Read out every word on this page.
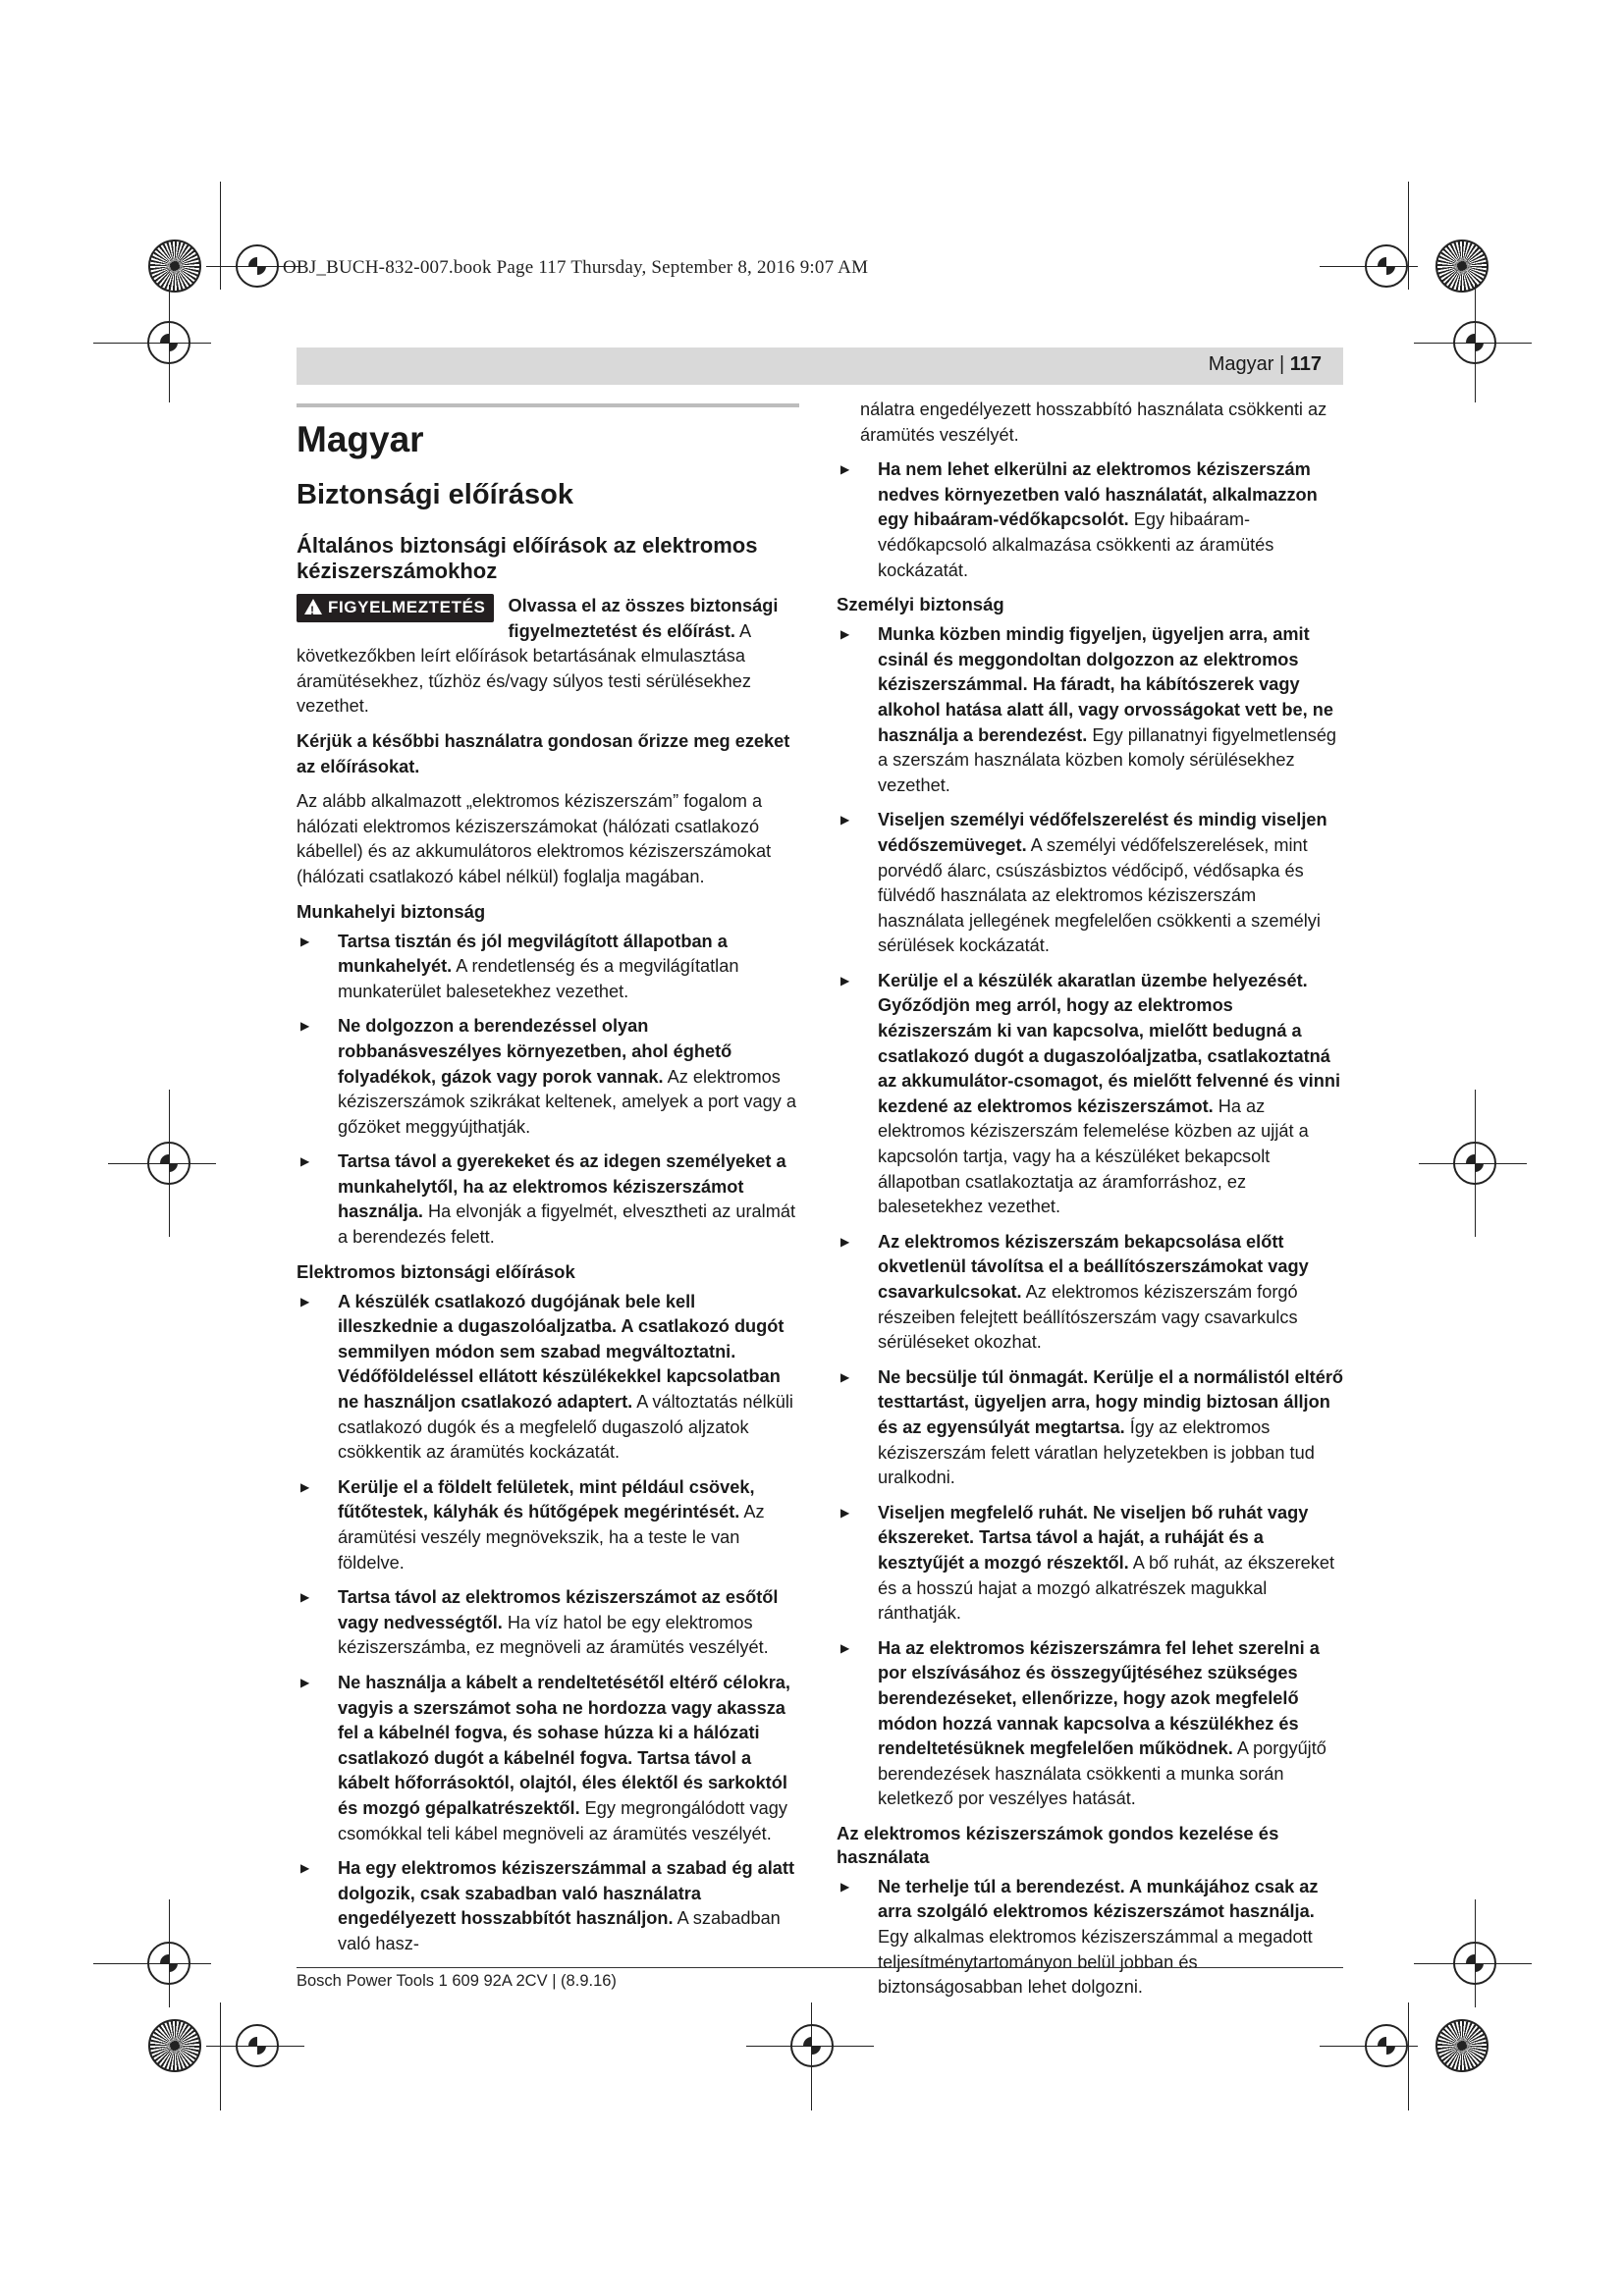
OBJ_BUCH-832-007.book Page 117 Thursday, September 8, 2016 9:07 AM
Magyar | 117
Magyar
Biztonsági előírások
Általános biztonsági előírások az elektromos kéziszerszámokhoz
!FIGYELMEZTETÉS	Olvassa el az összes biztonsági figyelmeztetést és előírást. A következőkben leírt előírások betartásának elmulasztása áramütésekhez, tűzhöz és/vagy súlyos testi sérülésekhez vezethet.

Kérjük a későbbi használatra gondosan őrizze meg ezeket az előírásokat.

Az alább alkalmazott „elektromos kéziszerszám” fogalom a hálózati elektromos kéziszerszámokat (hálózati csatlakozó kábellel) és az akkumulátoros elektromos kéziszerszámokat (hálózati csatlakozó kábel nélkül) foglalja magában.

Munkahelyi biztonság
▶ Tartsa tisztán és jól megvilágított állapotban a munkahelyét. A rendetlenség és a megvilágítatlan munkaterület balesetekhez vezethet.
▶ Ne dolgozzon a berendezéssel olyan robbanásveszélyes környezetben, ahol éghető folyadékok, gázok vagy porok vannak. Az elektromos kéziszerszámok szikrákat keltenek, amelyek a port vagy a gőzöket meggyújthatják.
▶ Tartsa távol a gyerekeket és az idegen személyeket a munkahelytől, ha az elektromos kéziszerszámot használja. Ha elvonják a figyelmét, elvesztheti az uralmát a berendezés felett.
Elektromos biztonsági előírások
▶ A készülék csatlakozó dugójának bele kell illeszkednie a dugaszolóaljzatba. A csatlakozó dugót semmilyen módon sem szabad megváltoztatni. Védőföldeléssel ellátott készülékekkel kapcsolatban ne használjon csatlakozó adaptert. A változtatás nélküli csatlakozó dugók és a megfelelő dugaszoló aljzatok csökkentik az áramütés kockázatát.
▶ Kerülje el a földelt felületek, mint például csövek, fűtőtestek, kályhák és hűtőgépek megérintését. Az áramütési veszély megnövekszik, ha a teste le van földelve.
▶ Tartsa távol az elektromos kéziszerszámot az esőtől vagy nedvességtől. Ha víz hatol be egy elektromos kéziszerszámba, ez megnöveli az áramütés veszélyét.
▶ Ne használja a kábelt a rendeltetésétől eltérő célokra, vagyis a szerszámot soha ne hordozza vagy akassza fel a kábelnél fogva, és sohase húzza ki a hálózati csatlakozó dugót a kábelnél fogva. Tartsa távol a kábelt hőforrásoktól, olajtól, éles élektől és sarkoktól és mozgó gépalkatrészektől. Egy megrongálódott vagy csomókkal teli kábel megnöveli az áramütés veszélyét.
▶ Ha egy elektromos kéziszerszámmal a szabad ég alatt dolgozik, csak szabadban való használatra engedélyezett hosszabbítót használjon. A szabadban való hasz-

nálatra engedélyezett hosszabbító használata csökkenti az áramütés veszélyét.

▶ Ha nem lehet elkerülni az elektromos kéziszerszám nedves környezetben való használatát, alkalmazzon egy hibaáram-védőkapcsolót. Egy hibaáram-védőkapcsoló alkalmazása csökkenti az áramütés kockázatát.
Személyi biztonság
▶ Munka közben mindig figyeljen, ügyeljen arra, amit csinál és meggondoltan dolgozzon az elektromos kéziszerszámmal. Ha fáradt, ha kábítószerek vagy alkohol hatása alatt áll, vagy orvosságokat vett be, ne használja a berendezést. Egy pillanatnyi figyelmetlenség a szerszám használata közben komoly sérülésekhez vezethet.
▶ Viseljen személyi védőfelszerelést és mindig viseljen védőszemüveget. A személyi védőfelszerelések, mint porvédő álarc, csúszásbiztos védőcipő, védősapka és fülvédő használata az elektromos kéziszerszám használata jellegének megfelelően csökkenti a személyi sérülések kockázatát.
▶ Kerülje el a készülék akaratlan üzembe helyezését. Győződjön meg arról, hogy az elektromos kéziszerszám ki van kapcsolva, mielőtt bedugná a csatlakozó dugót a dugaszolóaljzatba, csatlakoztatná az akkumulátor-csomagot, és mielőtt felvenné és vinni kezdené az elektromos kéziszerszámot. Ha az elektromos kéziszerszám felemelése közben az ujját a kapcsolón tartja, vagy ha a készüléket bekapcsolt állapotban csatlakoztatja az áramforráshoz, ez balesetekhez vezethet.
▶ Az elektromos kéziszerszám bekapcsolása előtt okvetlenül távolítsa el a beállítószerszámokat vagy csavarkulcsokat. Az elektromos kéziszerszám forgó részeiben felejtett beállítószerszám vagy csavarkulcs sérüléseket okozhat.
▶ Ne becsülje túl önmagát. Kerülje el a normálistól eltérő testtartást, ügyeljen arra, hogy mindig biztosan álljon és az egyensúlyát megtartsa. Így az elektromos kéziszerszám felett váratlan helyzetekben is jobban tud uralkodni.
▶ Viseljen megfelelő ruhát. Ne viseljen bő ruhát vagy ékszereket. Tartsa távol a haját, a ruháját és a kesztyűjét a mozgó részektől. A bő ruhát, az ékszereket és a hosszú hajat a mozgó alkatrészek magukkal ránthatják.
▶ Ha az elektromos kéziszerszámra fel lehet szerelni a por elszívásához és összegyűjtéséhez szükséges berendezéseket, ellenőrizze, hogy azok megfelelő módon hozzá vannak kapcsolva a készülékhez és rendeltetésüknek megfelelően működnek. A porgyűjtő berendezések használata csökkenti a munka során keletkező por veszélyes hatását.
Az elektromos kéziszerszámok gondos kezelése és használata
▶ Ne terhelje túl a berendezést. A munkájához csak az arra szolgáló elektromos kéziszerszámot használja. Egy alkalmas elektromos kéziszerszámmal a megadott teljesítménytartományon belül jobban és biztonságosabban lehet dolgozni.
Bosch Power Tools 1 609 92A 2CV | (8.9.16)
